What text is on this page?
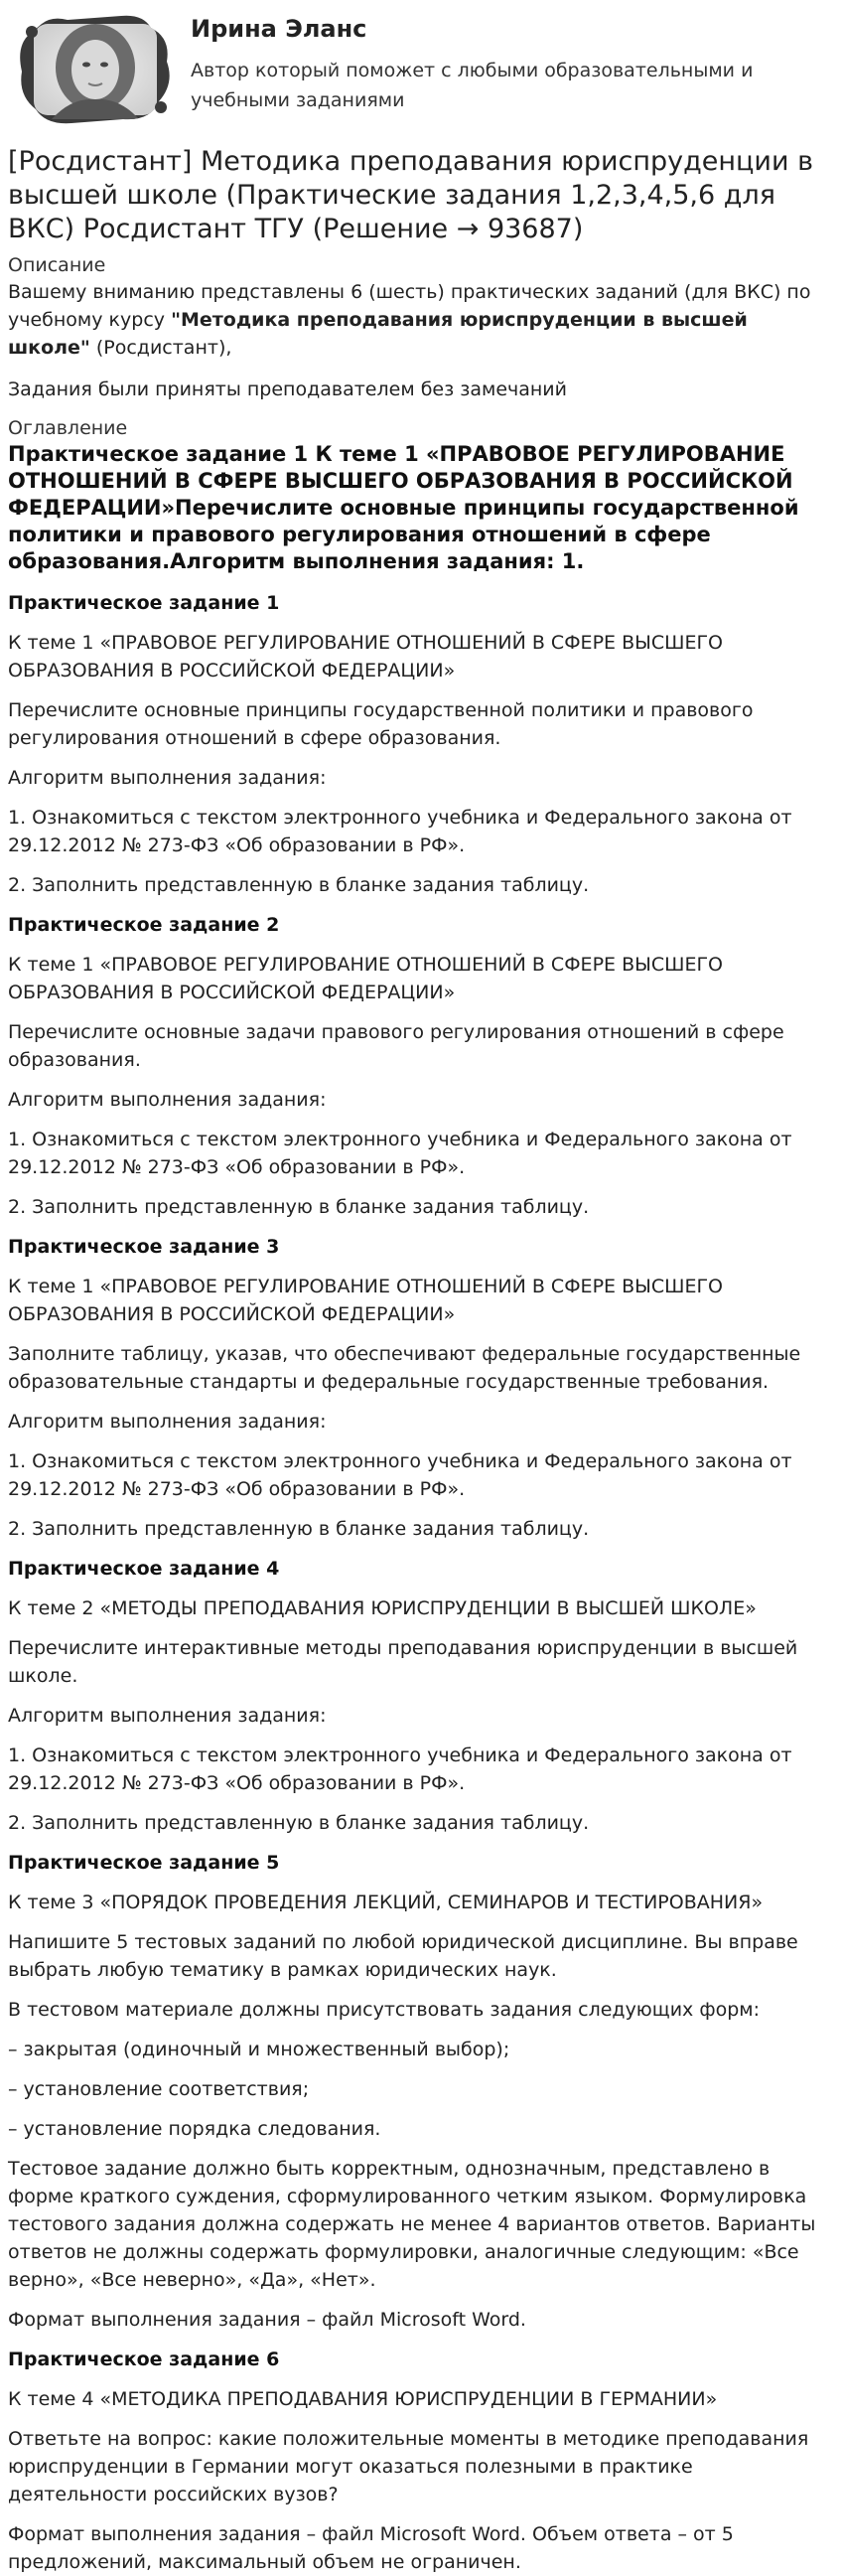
Ирина Эланс
Автор который поможет с любыми образовательными и учебными заданиями
[Росдистант] Методика преподавания юриспруденции в высшей школе (Практические задания 1,2,3,4,5,6 для ВКС) Росдистант ТГУ (Решение → 93687)
Описание

Вашему вниманию представлены 6 (шесть) практических заданий (для ВКС) по учебному курсу "Методика преподавания юриспруденции в высшей школе" (Росдистант),

Задания были приняты преподавателем без замечаний

Оглавление
Практическое задание 1 К теме 1 «ПРАВОВОЕ РЕГУЛИРОВАНИЕ ОТНОШЕНИЙ В СФЕРЕ ВЫСШЕГО ОБРАЗОВАНИЯ В РОССИЙСКОЙ ФЕДЕРАЦИИ»Перечислите основные принципы государственной политики и правового регулирования отношений в сфере образования.Алгоритм выполнения задания: 1.
Практическое задание 1

К теме 1 «ПРАВОВОЕ РЕГУЛИРОВАНИЕ ОТНОШЕНИЙ В СФЕРЕ ВЫСШЕГО ОБРАЗОВАНИЯ В РОССИЙСКОЙ ФЕДЕРАЦИИ»

Перечислите основные принципы государственной политики и правового регулирования отношений в сфере образования.

Алгоритм выполнения задания:

1. Ознакомиться с текстом электронного учебника и Федерального закона от 29.12.2012 № 273-ФЗ «Об образовании в РФ».

2. Заполнить представленную в бланке задания таблицу.

Практическое задание 2

К теме 1 «ПРАВОВОЕ РЕГУЛИРОВАНИЕ ОТНОШЕНИЙ В СФЕРЕ ВЫСШЕГО ОБРАЗОВАНИЯ В РОССИЙСКОЙ ФЕДЕРАЦИИ»

Перечислите основные задачи правового регулирования отношений в сфере образования.

Алгоритм выполнения задания:

1. Ознакомиться с текстом электронного учебника и Федерального закона от 29.12.2012 № 273-ФЗ «Об образовании в РФ».

2. Заполнить представленную в бланке задания таблицу.

Практическое задание 3

К теме 1 «ПРАВОВОЕ РЕГУЛИРОВАНИЕ ОТНОШЕНИЙ В СФЕРЕ ВЫСШЕГО ОБРАЗОВАНИЯ В РОССИЙСКОЙ ФЕДЕРАЦИИ»

Заполните таблицу, указав, что обеспечивают федеральные государственные образовательные стандарты и федеральные государственные требования.

Алгоритм выполнения задания:

1. Ознакомиться с текстом электронного учебника и Федерального закона от 29.12.2012 № 273-ФЗ «Об образовании в РФ».

2. Заполнить представленную в бланке задания таблицу.

Практическое задание 4

К теме 2 «МЕТОДЫ ПРЕПОДАВАНИЯ ЮРИСПРУДЕНЦИИ В ВЫСШЕЙ ШКОЛЕ»

Перечислите интерактивные методы преподавания юриспруденции в высшей школе.

Алгоритм выполнения задания:

1. Ознакомиться с текстом электронного учебника и Федерального закона от 29.12.2012 № 273-ФЗ «Об образовании в РФ».

2. Заполнить представленную в бланке задания таблицу.

Практическое задание 5

К теме 3 «ПОРЯДОК ПРОВЕДЕНИЯ ЛЕКЦИЙ, СЕМИНАРОВ И ТЕСТИРОВАНИЯ»

Напишите 5 тестовых заданий по любой юридической дисциплине. Вы вправе выбрать любую тематику в рамках юридических наук.

В тестовом материале должны присутствовать задания следующих форм:

– закрытая (одиночный и множественный выбор);

– установление соответствия;

– установление порядка следования.

Тестовое задание должно быть корректным, однозначным, представлено в форме краткого суждения, сформулированного четким языком. Формулировка тестового задания должна содержать не менее 4 вариантов ответов. Варианты ответов не должны содержать формулировки, аналогичные следующим: «Все верно», «Все неверно», «Да», «Нет».

Формат выполнения задания – файл Microsoft Word.

Практическое задание 6

К теме 4 «МЕТОДИКА ПРЕПОДАВАНИЯ ЮРИСПРУДЕНЦИИ В ГЕРМАНИИ»

Ответьте на вопрос: какие положительные моменты в методике преподавания юриспруденции в Германии могут оказаться полезными в практике деятельности российских вузов?

Формат выполнения задания – файл Microsoft Word. Объем ответа – от 5 предложений, максимальный объем не ограничен.
